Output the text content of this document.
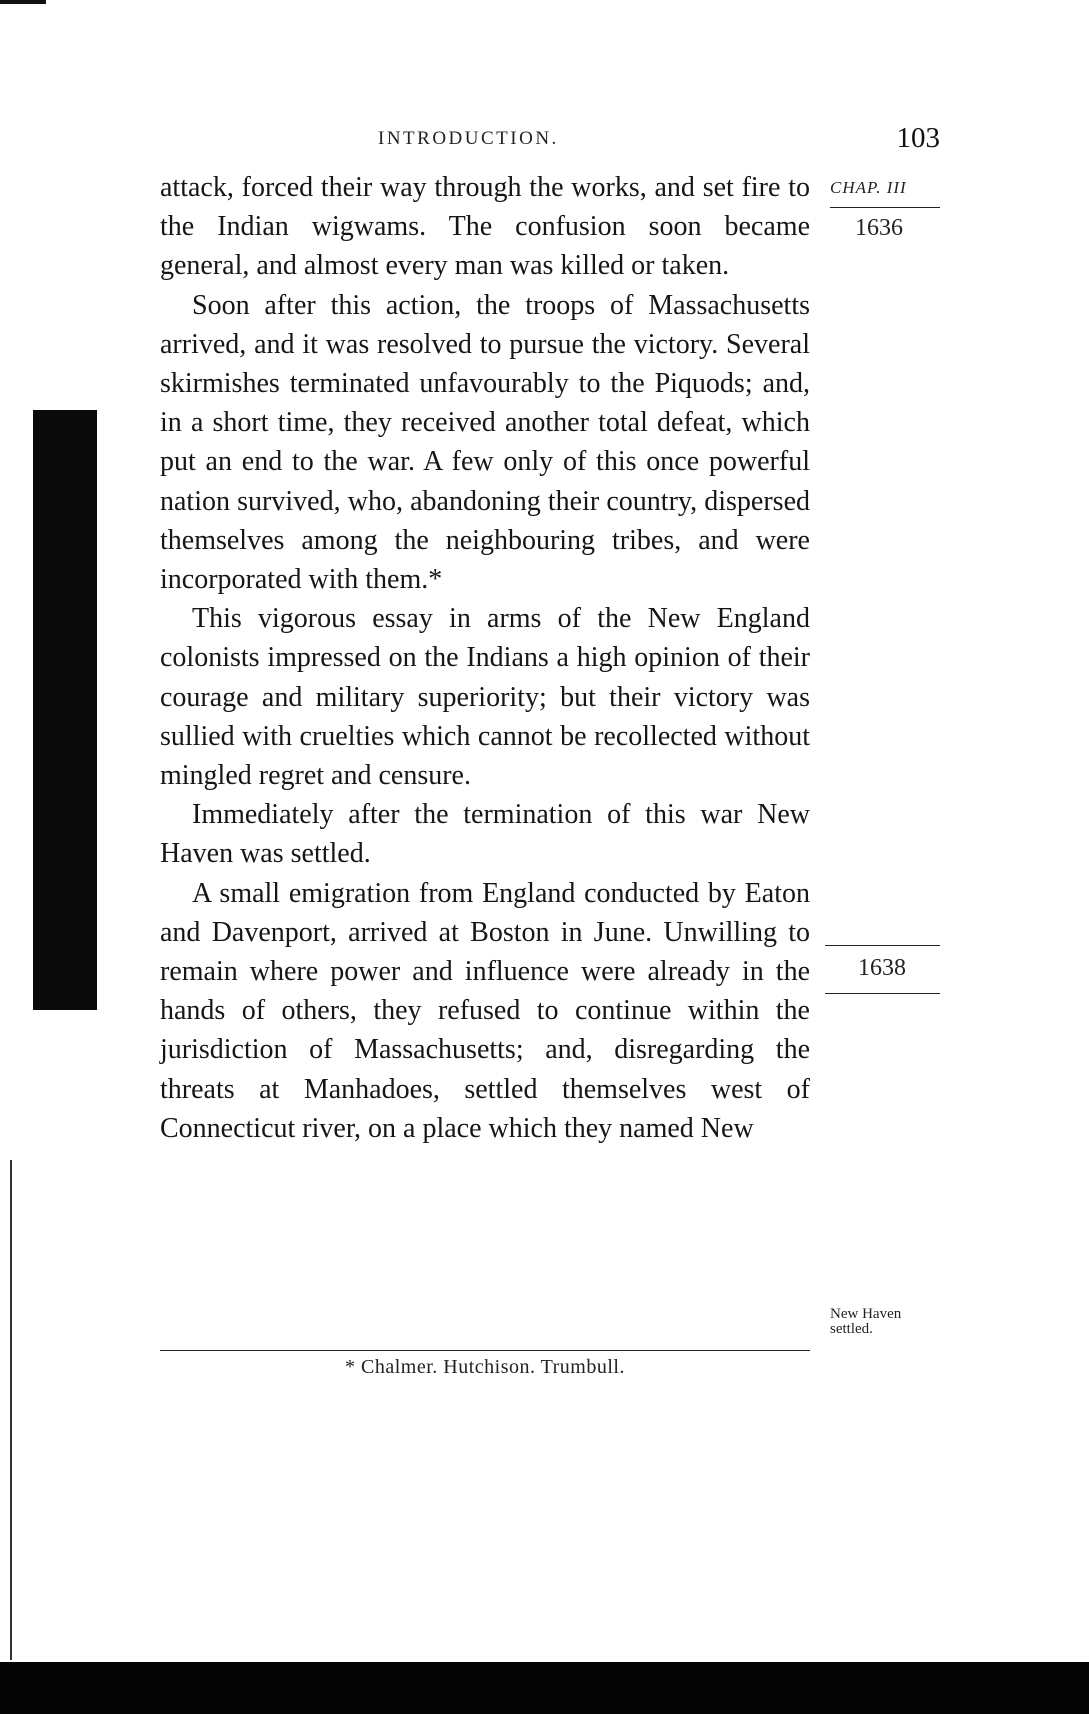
INTRODUCTION.	103
CHAP. III
1636
1638
New Haven settled.

attack, forced their way through the works, and set fire to the Indian wigwams. The confusion soon became general, and almost every man was killed or taken.

Soon after this action, the troops of Massachusetts arrived, and it was resolved to pursue the victory. Several skirmishes terminated unfavourably to the Piquods; and, in a short time, they received another total defeat, which put an end to the war. A few only of this once powerful nation survived, who, abandoning their country, dispersed themselves among the neighbouring tribes, and were incorporated with them.*

This vigorous essay in arms of the New England colonists impressed on the Indians a high opinion of their courage and military superiority; but their victory was sullied with cruelties which cannot be recollected without mingled regret and censure.

Immediately after the termination of this war New Haven was settled.

A small emigration from England conducted by Eaton and Davenport, arrived at Boston in June. Unwilling to remain where power and influence were already in the hands of others, they refused to continue within the jurisdiction of Massachusetts; and, disregarding the threats at Manhadoes, settled themselves west of Connecticut river, on a place which they named New

* Chalmer. Hutchison. Trumbull.
